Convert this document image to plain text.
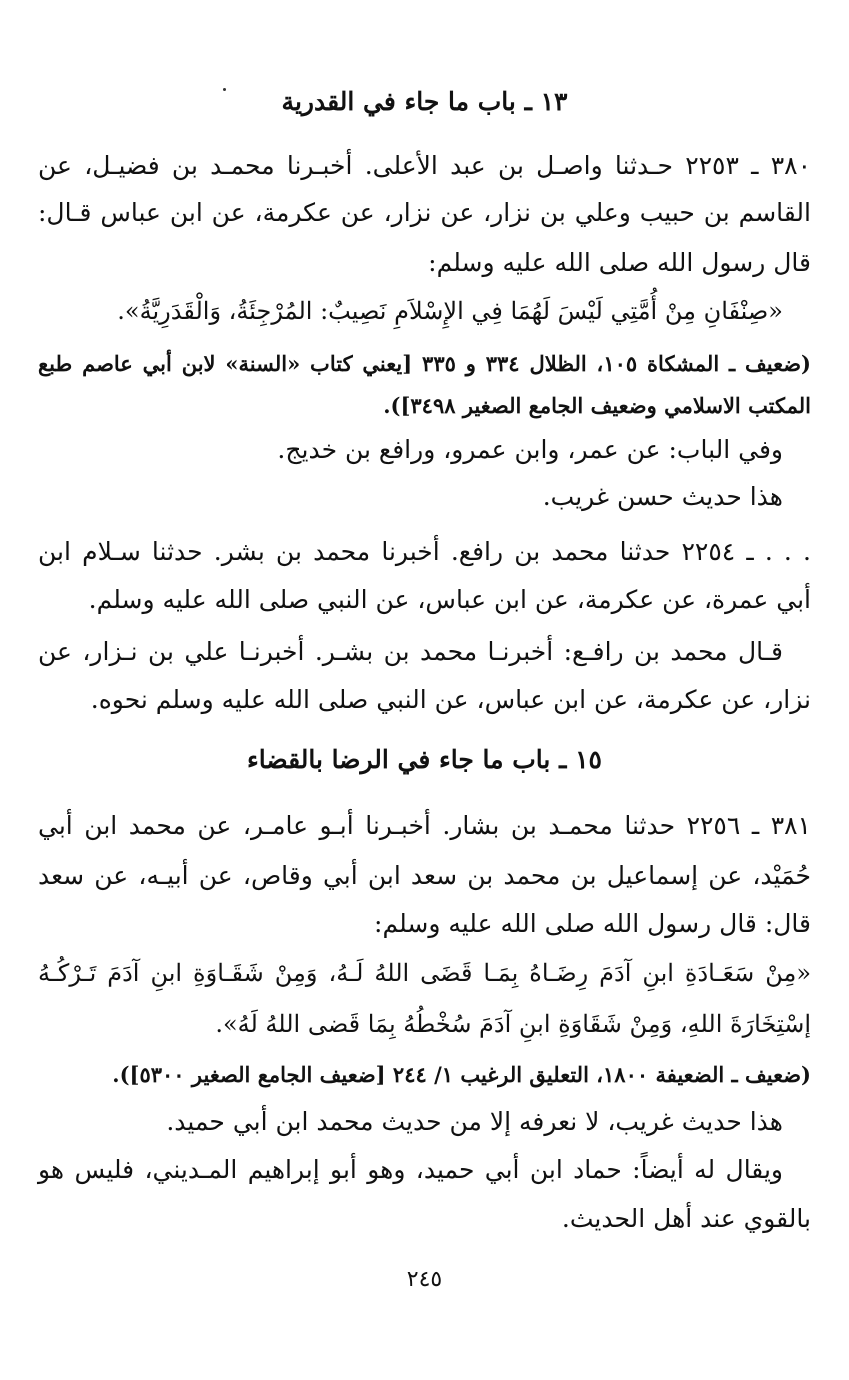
١٣ ـ باب ما جاء في القدرية
٣٨٠ ـ ٢٢٥٣ حـدثنا واصـل بن عبد الأعلى. أخبـرنا محمـد بن فضيـل، عن
القاسم بن حبيب وعلي بن نزار، عن نزار، عن عكرمة، عن ابن عباس قـال:
قال رسول الله صلى الله عليه وسلم:
«صِنْفَانِ مِنْ أُمَّتِي لَيْسَ لَهُمَا فِي الإِسْلاَمِ نَصِيبٌ: المُرْجِئَةُ، وَالْقَدَرِيَّةُ».
(ضعيف ـ المشكاة ١٠٥، الظلال ٣٣٤ و ٣٣٥ [يعني كتاب «السنة» لابن أبي عاصم طبع
المكتب الاسلامي وضعيف الجامع الصغير ٣٤٩٨]).
وفي الباب: عن عمر، وابن عمرو، ورافع بن خديج.
هذا حديث حسن غريب.
. . . ـ ٢٢٥٤ حدثنا محمد بن رافع. أخبرنا محمد بن بشر. حدثنا سـلام ابن
أبي عمرة، عن عكرمة، عن ابن عباس، عن النبي صلى الله عليه وسلم.
قـال محمد بن رافـع: أخبرنـا محمد بن بشـر. أخبرنـا علي بن نـزار، عن
نزار، عن عكرمة، عن ابن عباس، عن النبي صلى الله عليه وسلم نحوه.
١٥ ـ باب ما جاء في الرضا بالقضاء
٣٨١ ـ ٢٢٥٦ حدثنا محمـد بن بشار. أخبـرنا أبـو عامـر، عن محمد ابن أبي
حُمَيْد، عن إسماعيل بن محمد بن سعد ابن أبي وقاص، عن أبيـه، عن سعد
قال: قال رسول الله صلى الله عليه وسلم:
«مِنْ سَعَـادَةِ ابنِ آدَمَ رِضَـاهُ بِمَـا قَضَى اللهُ لَـهُ، وَمِنْ شَقَـاوَةِ ابنِ آدَمَ تَـرْكُـهُ
إسْتِخَارَةَ اللهِ، وَمِنْ شَقَاوَةِ ابنِ آدَمَ سُخْطُهُ بِمَا قَضى اللهُ لَهُ».
(ضعيف ـ الضعيفة ١٨٠٠، التعليق الرغيب ١/ ٢٤٤ [ضعيف الجامع الصغير ٥٣٠٠]).
هذا حديث غريب، لا نعرفه إلا من حديث محمد ابن أبي حميد.
ويقال له أيضاً: حماد ابن أبي حميد، وهو أبو إبراهيم المـديني، فليس هو
بالقوي عند أهل الحديث.
٢٤٥
